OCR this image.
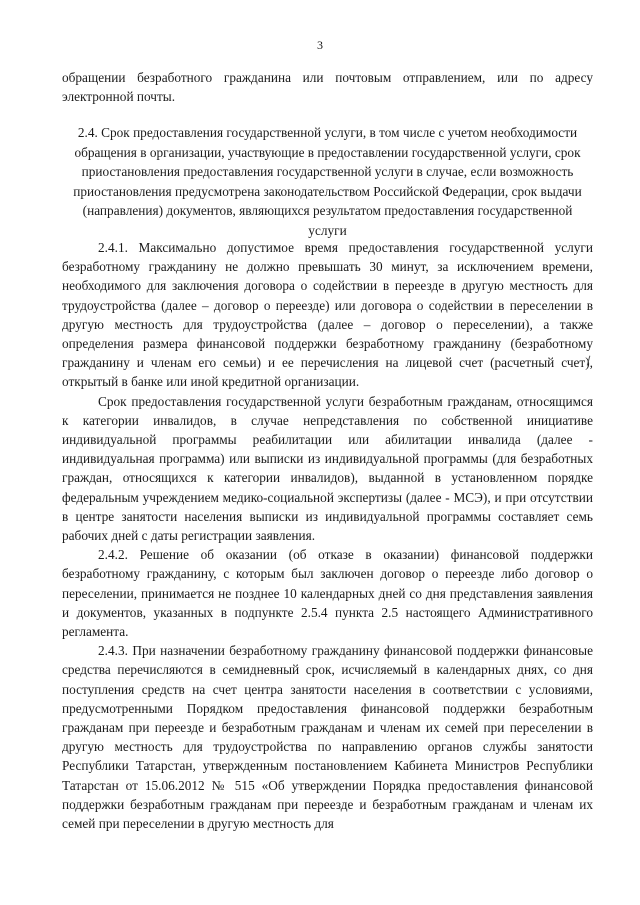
3

обращении безработного гражданина или почтовым отправлением, или по адресу электронной почты.

2.4. Срок предоставления государственной услуги, в том числе с учетом необходимости обращения в организации, участвующие в предоставлении государственной услуги, срок приостановления предоставления государственной услуги в случае, если возможность приостановления предусмотрена законодательством Российской Федерации, срок выдачи (направления) документов, являющихся результатом предоставления государственной услуги

2.4.1. Максимально допустимое время предоставления государственной услуги безработному гражданину не должно превышать 30 минут, за исключением времени, необходимого для заключения договора о содействии в переезде в другую местность для трудоустройства (далее – договор о переезде) или договора о содействии в переселении в другую местность для трудоустройства (далее – договор о переселении), а также определения размера финансовой поддержки безработному гражданину (безработному гражданину и членам его семьи) и ее перечисления на лицевой счет (расчетный счет), открытый в банке или иной кредитной организации.

Срок предоставления государственной услуги безработным гражданам, относящимся к категории инвалидов, в случае непредставления по собственной инициативе индивидуальной программы реабилитации или абилитации инвалида (далее - индивидуальная программа) или выписки из индивидуальной программы (для безработных граждан, относящихся к категории инвалидов), выданной в установленном порядке федеральным учреждением медико-социальной экспертизы (далее - МСЭ), и при отсутствии в центре занятости населения выписки из индивидуальной программы составляет семь рабочих дней с даты регистрации заявления.

2.4.2. Решение об оказании (об отказе в оказании) финансовой поддержки безработному гражданину, с которым был заключен договор о переезде либо договор о переселении, принимается не позднее 10 календарных дней со дня представления заявления и документов, указанных в подпункте 2.5.4 пункта 2.5 настоящего Административного регламента.

2.4.3. При назначении безработному гражданину финансовой поддержки финансовые средства перечисляются в семидневный срок, исчисляемый в календарных днях, со дня поступления средств на счет центра занятости населения в соответствии с условиями, предусмотренными Порядком предоставления финансовой поддержки безработным гражданам при переезде и безработным гражданам и членам их семей при переселении в другую местность для трудоустройства по направлению органов службы занятости Республики Татарстан, утвержденным постановлением Кабинета Министров Республики Татарстан от 15.06.2012 № 515 «Об утверждении Порядка предоставления финансовой поддержки безработным гражданам при переезде и безработным гражданам и членам их семей при переселении в другую местность для
